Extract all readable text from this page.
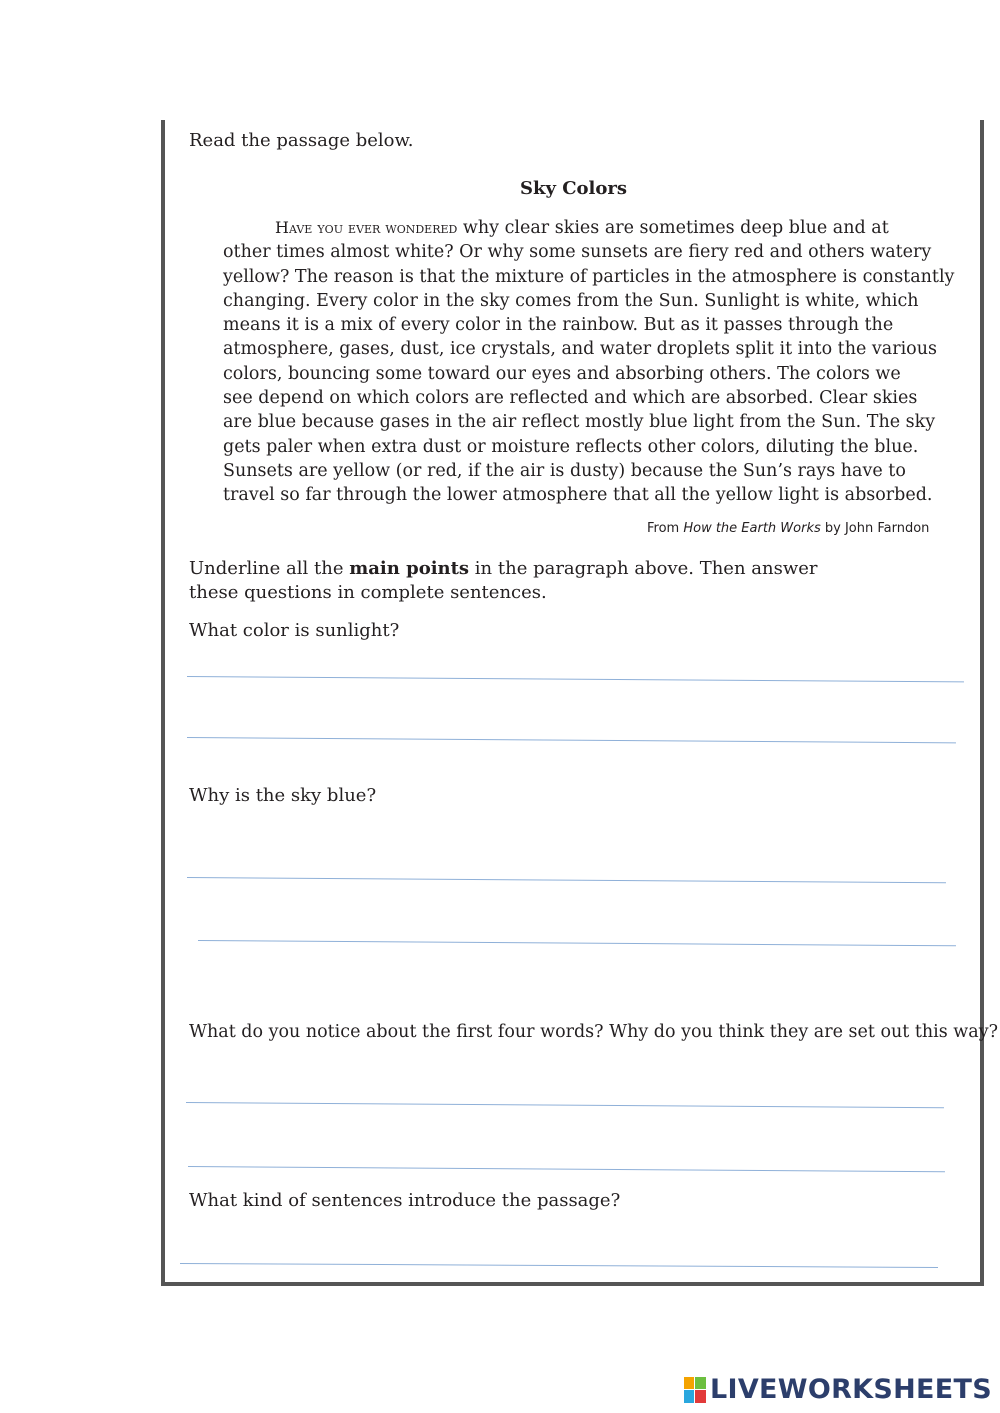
Read the passage below.
Sky Colors
Have you ever wondered why clear skies are sometimes deep blue and at
other times almost white? Or why some sunsets are fiery red and others watery
yellow? The reason is that the mixture of particles in the atmosphere is constantly
changing. Every color in the sky comes from the Sun. Sunlight is white, which
means it is a mix of every color in the rainbow. But as it passes through the
atmosphere, gases, dust, ice crystals, and water droplets split it into the various
colors, bouncing some toward our eyes and absorbing others. The colors we
see depend on which colors are reflected and which are absorbed. Clear skies
are blue because gases in the air reflect mostly blue light from the Sun. The sky
gets paler when extra dust or moisture reflects other colors, diluting the blue.
Sunsets are yellow (or red, if the air is dusty) because the Sun’s rays have to
travel so far through the lower atmosphere that all the yellow light is absorbed.
From How the Earth Works by John Farndon
Underline all the main points in the paragraph above. Then answer
these questions in complete sentences.
What color is sunlight?
Why is the sky blue?
What do you notice about the first four words? Why do you think they are set out this way?
What kind of sentences introduce the passage?
LIVEWORKSHEETS
